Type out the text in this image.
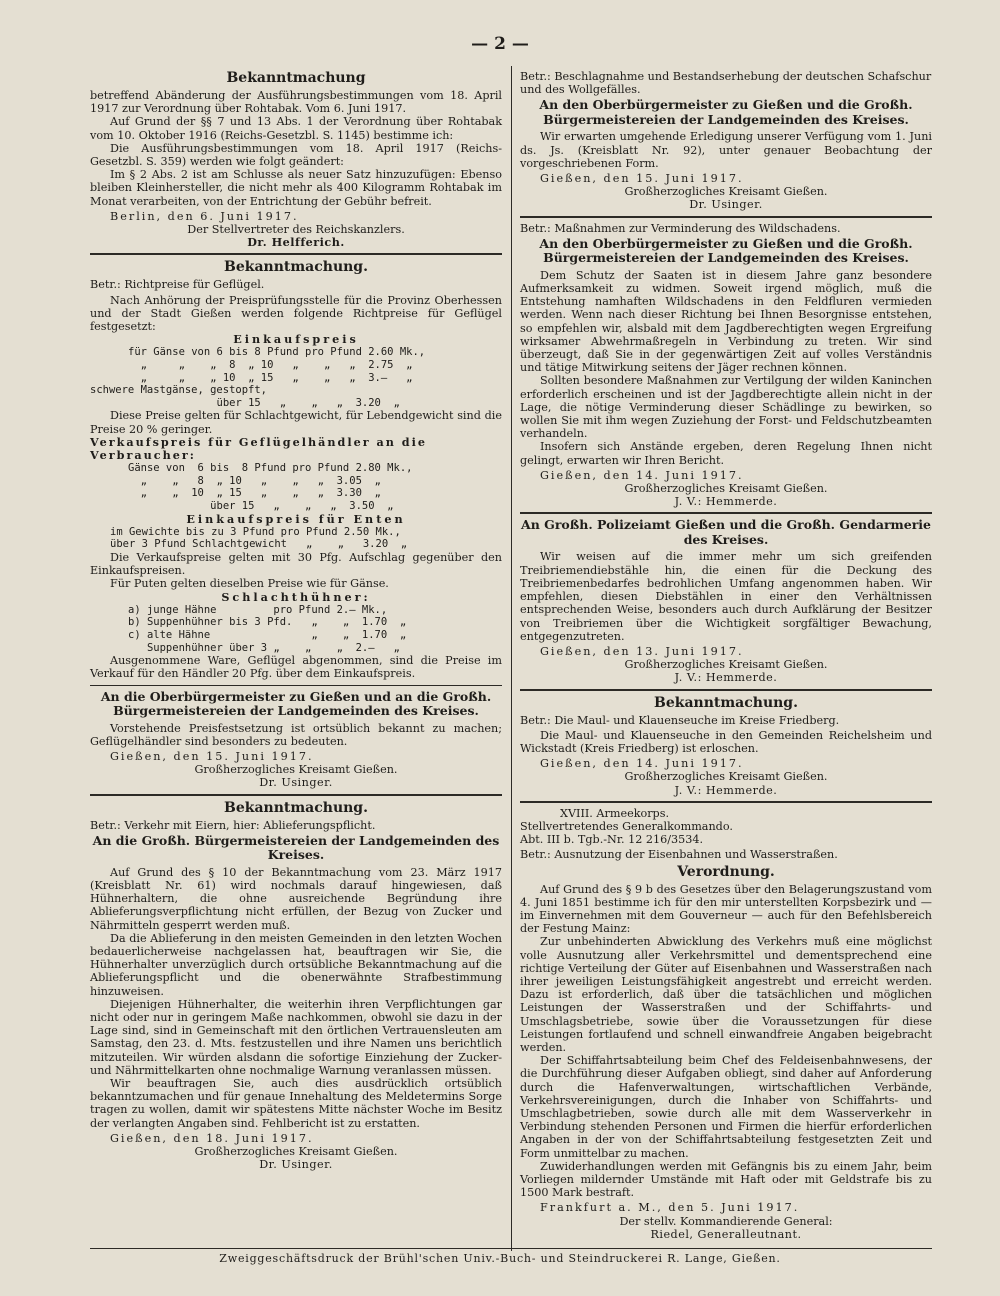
— 2 —
Bekanntmachung

betreffend Abänderung der Ausführungsbestimmungen vom 18. April 1917 zur Verordnung über Rohtabak. Vom 6. Juni 1917.

Auf Grund der §§ 7 und 13 Abs. 1 der Verordnung über Rohtabak vom 10. Oktober 1916 (Reichs-Gesetzbl. S. 1145) bestimme ich:

Die Ausführungsbestimmungen vom 18. April 1917 (Reichs-Gesetzbl. S. 359) werden wie folgt geändert:

Im § 2 Abs. 2 ist am Schlusse als neuer Satz hinzuzufügen: Ebenso bleiben Kleinhersteller, die nicht mehr als 400 Kilogramm Rohtabak im Monat verarbeiten, von der Entrichtung der Gebühr befreit.

Berlin, den 6. Juni 1917.
Der Stellvertreter des Reichskanzlers.
Dr. Helfferich.
Bekanntmachung.
Betr.: Richtpreise für Geflügel.

Nach Anhörung der Preisprüfungsstelle für die Provinz Oberhessen und der Stadt Gießen werden folgende Richtpreise für Geflügel festgesetzt:

Einkaufspreis
für Gänse von 6 bis 8 Pfund pro Pfund 2.60 Mk.,
„     „    „  8  „ 10   „    „   „  2.75  „
„     „    „ 10  „ 15   „    „   „  3.—   „
schwere Mastgänse, gestopft,
über 15   „    „   „  3.20  „

Diese Preise gelten für Schlachtgewicht, für Lebendgewicht sind die Preise 20 % geringer.

Verkaufspreis für Geflügelhändler an die Verbraucher:
Gänse von  6 bis  8 Pfund pro Pfund 2.80 Mk.,
„    „   8  „ 10   „    „   „  3.05  „
„    „  10  „ 15   „    „   „  3.30  „
über 15   „    „   „  3.50  „
Einkaufspreis für Enten
im Gewichte bis zu 3 Pfund pro Pfund 2.50 Mk.,
über 3 Pfund Schlachtgewicht   „    „   3.20  „

Die Verkaufspreise gelten mit 30 Pfg. Aufschlag gegenüber den Einkaufspreisen.

Für Puten gelten dieselben Preise wie für Gänse.

Schlachthühner:
a) junge Hähne         pro Pfund 2.— Mk.,
b) Suppenhühner bis 3 Pfd.   „    „  1.70  „
c) alte Hähne                „    „  1.70  „
Suppenhühner über 3 „    „    „  2.—   „

Ausgenommene Ware, Geflügel abgenommen, sind die Preise im Verkauf für den Händler 20 Pfg. über dem Einkaufspreis.

An die Oberbürgermeister zu Gießen und an die Großh. Bürgermeistereien der Landgemeinden des Kreises.

Vorstehende Preisfestsetzung ist ortsüblich bekannt zu machen; Geflügelhändler sind besonders zu bedeuten.

Gießen, den 15. Juni 1917.
Großherzogliches Kreisamt Gießen.
Dr. Usinger.
Bekanntmachung.
Betr.: Verkehr mit Eiern, hier: Ablieferungspflicht.
An die Großh. Bürgermeistereien der Landgemeinden des Kreises.

Auf Grund des § 10 der Bekanntmachung vom 23. März 1917 (Kreisblatt Nr. 61) wird nochmals darauf hingewiesen, daß Hühnerhaltern, die ohne ausreichende Begründung ihre Ablieferungsverpflichtung nicht erfüllen, der Bezug von Zucker und Nährmitteln gesperrt werden muß.

Da die Ablieferung in den meisten Gemeinden in den letzten Wochen bedauerlicherweise nachgelassen hat, beauftragen wir Sie, die Hühnerhalter unverzüglich durch ortsübliche Bekanntmachung auf die Ablieferungspflicht und die obenerwähnte Strafbestimmung hinzuweisen.

Diejenigen Hühnerhalter, die weiterhin ihren Verpflichtungen gar nicht oder nur in geringem Maße nachkommen, obwohl sie dazu in der Lage sind, sind in Gemeinschaft mit den örtlichen Vertrauensleuten am Samstag, den 23. d. Mts. festzustellen und ihre Namen uns berichtlich mitzuteilen. Wir würden alsdann die sofortige Einziehung der Zucker- und Nährmittelkarten ohne nochmalige Warnung veranlassen müssen.

Wir beauftragen Sie, auch dies ausdrücklich ortsüblich bekanntzumachen und für genaue Innehaltung des Meldetermins Sorge tragen zu wollen, damit wir spätestens Mitte nächster Woche im Besitz der verlangten Angaben sind. Fehlbericht ist zu erstatten.

Gießen, den 18. Juni 1917.
Großherzogliches Kreisamt Gießen.
Dr. Usinger.
Betr.: Beschlagnahme und Bestandserhebung der deutschen Schafschur und des Wollgefälles.
An den Oberbürgermeister zu Gießen und die Großh. Bürgermeistereien der Landgemeinden des Kreises.

Wir erwarten umgehende Erledigung unserer Verfügung vom 1. Juni ds. Js. (Kreisblatt Nr. 92), unter genauer Beobachtung der vorgeschriebenen Form.

Gießen, den 15. Juni 1917.
Großherzogliches Kreisamt Gießen.
Dr. Usinger.
Betr.: Maßnahmen zur Verminderung des Wildschadens.
An den Oberbürgermeister zu Gießen und die Großh. Bürgermeistereien der Landgemeinden des Kreises.

Dem Schutz der Saaten ist in diesem Jahre ganz besondere Aufmerksamkeit zu widmen. Soweit irgend möglich, muß die Entstehung namhaften Wildschadens in den Feldfluren vermieden werden. Wenn nach dieser Richtung bei Ihnen Besorgnisse entstehen, so empfehlen wir, alsbald mit dem Jagdberechtigten wegen Ergreifung wirksamer Abwehrmaßregeln in Verbindung zu treten. Wir sind überzeugt, daß Sie in der gegenwärtigen Zeit auf volles Verständnis und tätige Mitwirkung seitens der Jäger rechnen können.

Sollten besondere Maßnahmen zur Vertilgung der wilden Kaninchen erforderlich erscheinen und ist der Jagdberechtigte allein nicht in der Lage, die nötige Verminderung dieser Schädlinge zu bewirken, so wollen Sie mit ihm wegen Zuziehung der Forst- und Feldschutzbeamten verhandeln.

Insofern sich Anstände ergeben, deren Regelung Ihnen nicht gelingt, erwarten wir Ihren Bericht.

Gießen, den 14. Juni 1917.
Großherzogliches Kreisamt Gießen.
J. V.: Hemmerde.
An Großh. Polizeiamt Gießen und die Großh. Gendarmerie des Kreises.

Wir weisen auf die immer mehr um sich greifenden Treibriemendiebstähle hin, die einen für die Deckung des Treibriemenbedarfes bedrohlichen Umfang angenommen haben. Wir empfehlen, diesen Diebstählen in einer den Verhältnissen entsprechenden Weise, besonders auch durch Aufklärung der Besitzer von Treibriemen über die Wichtigkeit sorgfältiger Bewachung, entgegenzutreten.

Gießen, den 13. Juni 1917.
Großherzogliches Kreisamt Gießen.
J. V.: Hemmerde.
Bekanntmachung.
Betr.: Die Maul- und Klauenseuche im Kreise Friedberg.

Die Maul- und Klauenseuche in den Gemeinden Reichelsheim und Wickstadt (Kreis Friedberg) ist erloschen.

Gießen, den 14. Juni 1917.
Großherzogliches Kreisamt Gießen.
J. V.: Hemmerde.
XVIII. Armeekorps.
Stellvertretendes Generalkommando.
Abt. III b. Tgb.-Nr. 12 216/3534.
Betr.: Ausnutzung der Eisenbahnen und Wasserstraßen.
Verordnung.

Auf Grund des § 9 b des Gesetzes über den Belagerungszustand vom 4. Juni 1851 bestimme ich für den mir unterstellten Korpsbezirk und — im Einvernehmen mit dem Gouverneur — auch für den Befehlsbereich der Festung Mainz:

Zur unbehinderten Abwicklung des Verkehrs muß eine möglichst volle Ausnutzung aller Verkehrsmittel und dementsprechend eine richtige Verteilung der Güter auf Eisenbahnen und Wasserstraßen nach ihrer jeweiligen Leistungsfähigkeit angestrebt und erreicht werden. Dazu ist erforderlich, daß über die tatsächlichen und möglichen Leistungen der Wasserstraßen und der Schiffahrts- und Umschlagsbetriebe, sowie über die Voraussetzungen für diese Leistungen fortlaufend und schnell einwandfreie Angaben beigebracht werden.

Der Schiffahrtsabteilung beim Chef des Feldeisenbahnwesens, der die Durchführung dieser Aufgaben obliegt, sind daher auf Anforderung durch die Hafenverwaltungen, wirtschaftlichen Verbände, Verkehrsvereinigungen, durch die Inhaber von Schiffahrts- und Umschlagbetrieben, sowie durch alle mit dem Wasserverkehr in Verbindung stehenden Personen und Firmen die hierfür erforderlichen Angaben in der von der Schiffahrtsabteilung festgesetzten Zeit und Form unmittelbar zu machen.

Zuwiderhandlungen werden mit Gefängnis bis zu einem Jahr, beim Vorliegen mildernder Umstände mit Haft oder mit Geldstrafe bis zu 1500 Mark bestraft.

Frankfurt a. M., den 5. Juni 1917.
Der stellv. Kommandierende General:
Riedel, Generalleutnant.
Zweiggeschäftsdruck der Brühl'schen Univ.-Buch- und Steindruckerei R. Lange, Gießen.
